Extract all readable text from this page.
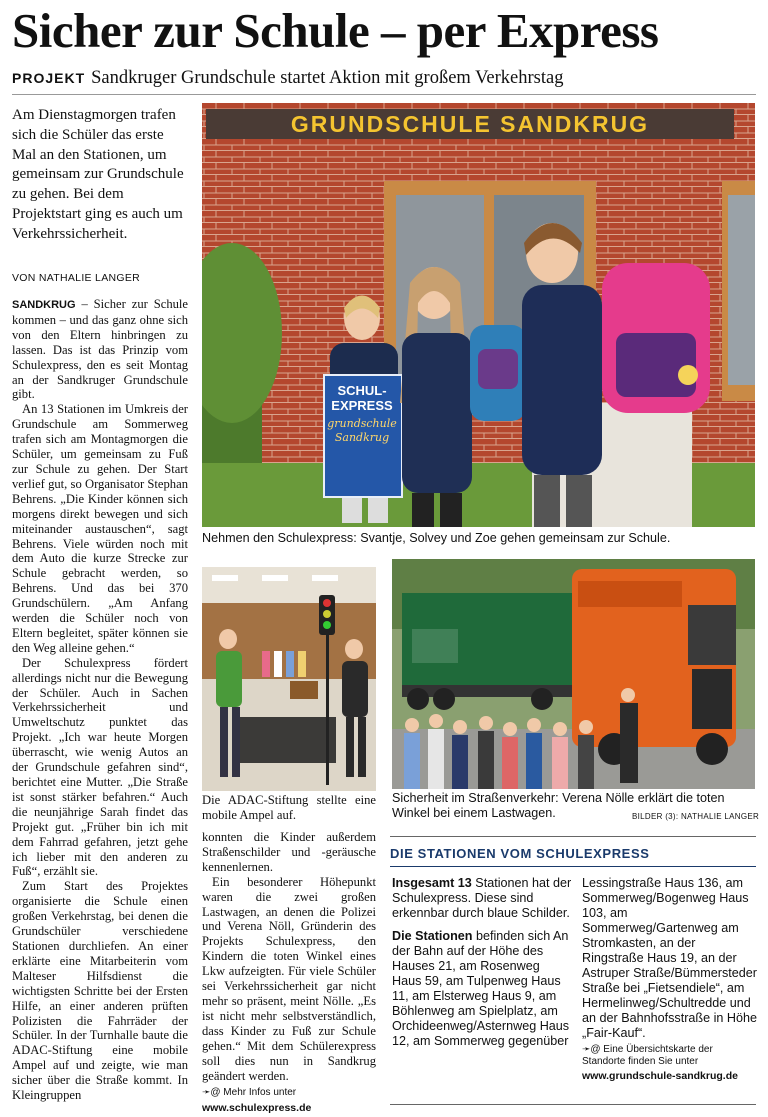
Sicher zur Schule – per Express
PROJEKT Sandkruger Grundschule startet Aktion mit großem Verkehrstag
Am Dienstagmorgen trafen sich die Schüler das erste Mal an den Stationen, um gemeinsam zur Grundschule zu gehen. Bei dem Projektstart ging es auch um Verkehrssicherheit.
VON NATHALIE LANGER

SANDKRUG – Sicher zur Schule kommen – und das ganz ohne sich von den Eltern hinbringen zu lassen. Das ist das Prinzip vom Schulexpress, den es seit Montag an der Sandkruger Grundschule gibt.

An 13 Stationen im Umkreis der Grundschule am Sommerweg trafen sich am Montagmorgen die Schüler, um gemeinsam zu Fuß zur Schule zu gehen. Der Start verlief gut, so Organisator Stephan Behrens. „Die Kinder können sich morgens direkt bewegen und sich miteinander austauschen“, sagt Behrens. Viele würden noch mit dem Auto die kurze Strecke zur Schule gebracht werden, so Behrens. Und das bei 370 Grundschülern. „Am Anfang werden die Schüler noch von Eltern begleitet, später können sie den Weg alleine gehen.“

Der Schulexpress fördert allerdings nicht nur die Bewegung der Schüler. Auch in Sachen Verkehrssicherheit und Umweltschutz punktet das Projekt. „Ich war heute Morgen überrascht, wie wenig Autos an der Grundschule gefahren sind“, berichtet eine Mutter. „Die Straße ist sonst stärker befahren.“ Auch die neunjährige Sarah findet das Projekt gut. „Früher bin ich mit dem Fahrrad gefahren, jetzt gehe ich lieber mit den anderen zu Fuß“, erzählt sie.

Zum Start des Projektes organisierte die Schule einen großen Verkehrstag, bei denen die Grundschüler verschiedene Stationen durchliefen. An einer erklärte eine Mitarbeiterin vom Malteser Hilfsdienst die wichtigsten Schritte bei der Ersten Hilfe, an einer anderen prüften Polizisten die Fahrräder der Schüler. In der Turnhalle baute die ADAC-Stiftung eine mobile Ampel auf und zeigte, wie man sicher über die Straße kommt. In Kleingruppen

konnten die Kinder außerdem Straßenschilder und -geräusche kennenlernen.

Ein besonderer Höhepunkt waren die zwei großen Lastwagen, an denen die Polizei und Verena Nöll, Gründerin des Projekts Schulexpress, den Kindern die toten Winkel eines Lkw aufzeigten. Für viele Schüler sei Verkehrssicherheit gar nicht mehr so präsent, meint Nölle. „Es ist nicht mehr selbstverständlich, dass Kinder zu Fuß zur Schule gehen.“ Mit dem Schülerexpress soll dies nun in Sandkrug geändert werden.

➛@ Mehr Infos unter
www.schulexpress.de
GRUNDSCHULE SANDKRUG
SCHUL-
EXPRESS
grundschule
Sandkrug
Nehmen den Schulexpress: Svantje, Solvey und Zoe gehen gemeinsam zur Schule.
Die ADAC-Stiftung stellte eine mobile Ampel auf.
Sicherheit im Straßenverkehr: Verena Nölle erklärt die toten Winkel bei einem Lastwagen.	BILDER (3): NATHALIE LANGER
DIE STATIONEN VOM SCHULEXPRESS

Insgesamt 13 Stationen hat der Schulexpress. Diese sind erkennbar durch blaue Schilder.

Die Stationen befinden sich An der Bahn auf der Höhe des Hauses 21, am Rosenweg Haus 59, am Tulpenweg Haus 11, am Elsterweg Haus 9, am Böhlenweg am Spielplatz, am Orchideenweg/Asternweg Haus 12, am Sommerweg gegenüber

Lessingstraße Haus 136, am Sommerweg/Bogenweg Haus 103, am Sommerweg/Gartenweg am Stromkasten, an der Ringstraße Haus 19, an der Astruper Straße/Bümmersteder Straße bei „Fietsendiele“, am Hermelinweg/Schultredde und an der Bahnhofsstraße in Höhe „Fair-Kauf“.

➛@ Eine Übersichtskarte der Standorte finden Sie unter
www.grundschule-sandkrug.de
